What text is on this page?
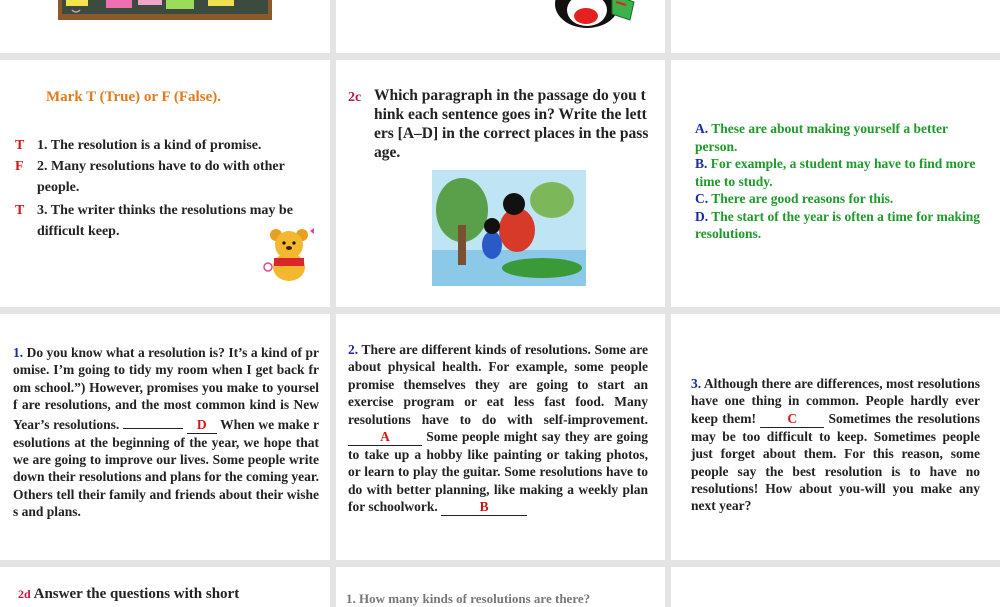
Mark T (True) or F (False).
T 1. The resolution is a kind of promise.
F 2. Many resolutions have to do with other people.
T 3. The writer thinks the resolutions may be difficult keep.
2c Which paragraph in the passage do you think each sentence goes in? Write the letters [A–D] in the correct places in the passage.

A. These are about making yourself a better person.

B. For example, a student may have to find more time to study.

C. There are good reasons for this.

D. The start of the year is often a time for making resolutions.

1. Do you know what a resolution is? It’s a kind of promise. I’m going to tidy my room when I get back from school.”) However, promises you make to yourself are resolutions, and the most common kind is New Year’s resolutions.	D When we make resolutions at the beginning of the year, we hope that we are going to improve our lives. Some people write down their resolutions and plans for the coming year. Others tell their family and friends about their wishes and plans.
2. There are different kinds of resolutions. Some are about physical health. For example, some people promise themselves they are going to start an exercise program or eat less fast food. Many resolutions have to do with self-improvement. A	Some people might say they are going to take up a hobby like painting or taking photos, or learn to play the guitar. Some resolutions have to do with better planning, like making a weekly plan for schoolwork.	B
3. Although there are differences, most resolutions have one thing in common. People hardly ever keep them! C Sometimes the resolutions may be too difficult to keep. Sometimes people just forget about them. For this reason, some people say the best resolution is to have no resolutions! How about you-will you make any next year?
2d Answer the questions with short	1. How many kinds of resolutions are there?
